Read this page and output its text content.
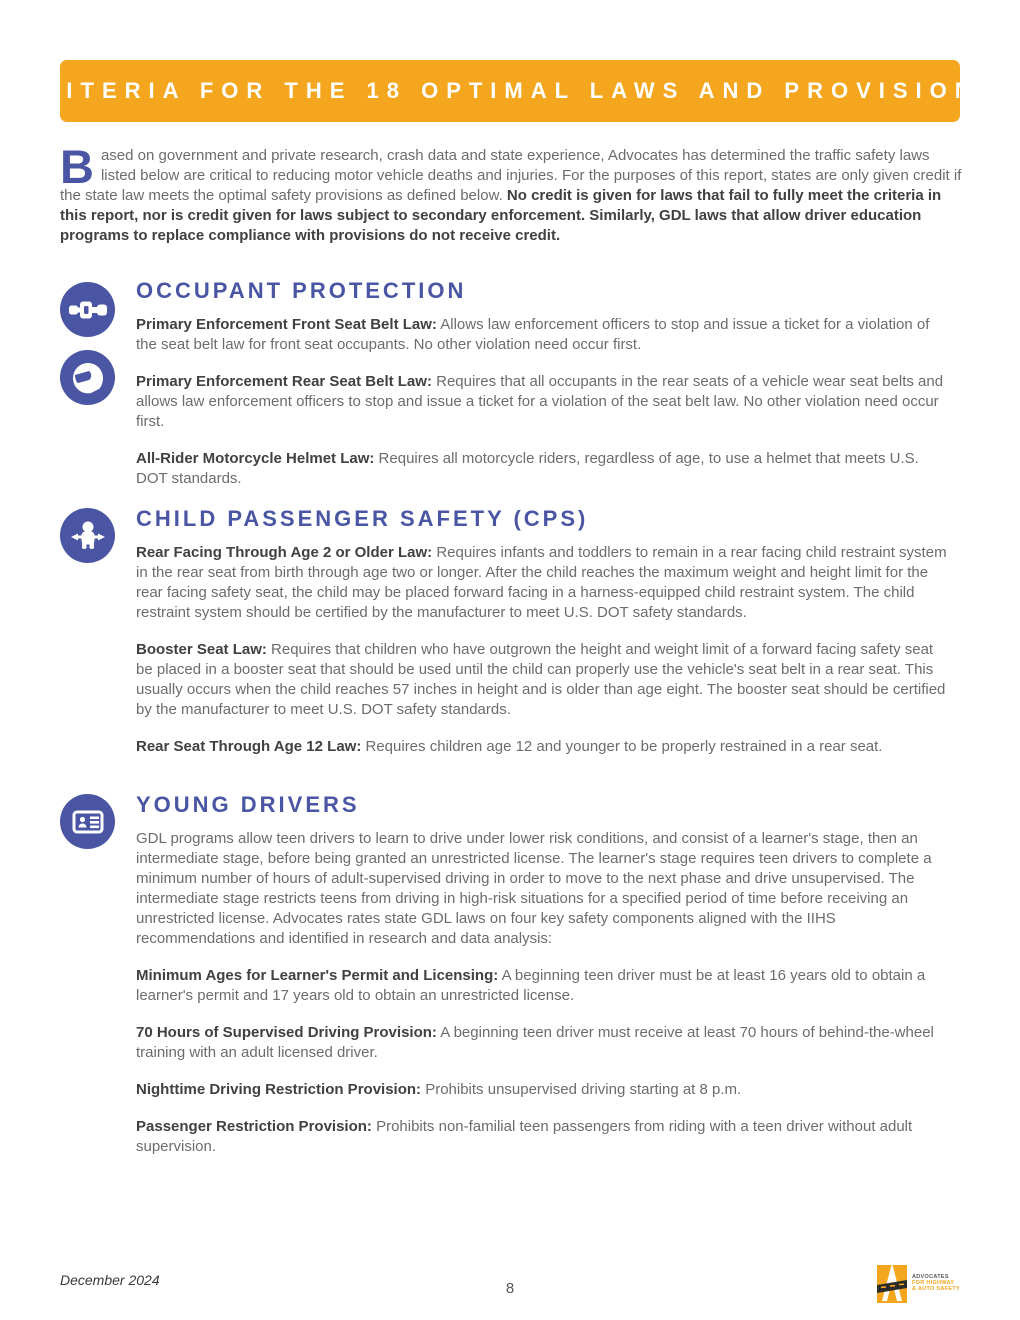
CRITERIA FOR THE 18 OPTIMAL LAWS AND PROVISIONS
Based on government and private research, crash data and state experience, Advocates has determined the traffic safety laws listed below are critical to reducing motor vehicle deaths and injuries. For the purposes of this report, states are only given credit if the state law meets the optimal safety provisions as defined below. No credit is given for laws that fail to fully meet the criteria in this report, nor is credit given for laws subject to secondary enforcement. Similarly, GDL laws that allow driver education programs to replace compliance with provisions do not receive credit.
OCCUPANT PROTECTION

Primary Enforcement Front Seat Belt Law: Allows law enforcement officers to stop and issue a ticket for a violation of the seat belt law for front seat occupants. No other violation need occur first.

Primary Enforcement Rear Seat Belt Law: Requires that all occupants in the rear seats of a vehicle wear seat belts and allows law enforcement officers to stop and issue a ticket for a violation of the seat belt law. No other violation need occur first.

All-Rider Motorcycle Helmet Law: Requires all motorcycle riders, regardless of age, to use a helmet that meets U.S. DOT standards.

CHILD PASSENGER SAFETY (CPS)

Rear Facing Through Age 2 or Older Law: Requires infants and toddlers to remain in a rear facing child restraint system in the rear seat from birth through age two or longer. After the child reaches the maximum weight and height limit for the rear facing safety seat, the child may be placed forward facing in a harness-equipped child restraint system. The child restraint system should be certified by the manufacturer to meet U.S. DOT safety standards.

Booster Seat Law: Requires that children who have outgrown the height and weight limit of a forward facing safety seat be placed in a booster seat that should be used until the child can properly use the vehicle's seat belt in a rear seat. This usually occurs when the child reaches 57 inches in height and is older than age eight. The booster seat should be certified by the manufacturer to meet U.S. DOT safety standards.

Rear Seat Through Age 12 Law: Requires children age 12 and younger to be properly restrained in a rear seat.

YOUNG DRIVERS

GDL programs allow teen drivers to learn to drive under lower risk conditions, and consist of a learner's stage, then an intermediate stage, before being granted an unrestricted license. The learner's stage requires teen drivers to complete a minimum number of hours of adult-supervised driving in order to move to the next phase and drive unsupervised. The intermediate stage restricts teens from driving in high-risk situations for a specified period of time before receiving an unrestricted license. Advocates rates state GDL laws on four key safety components aligned with the IIHS recommendations and identified in research and data analysis:

Minimum Ages for Learner's Permit and Licensing: A beginning teen driver must be at least 16 years old to obtain a learner's permit and 17 years old to obtain an unrestricted license.

70 Hours of Supervised Driving Provision: A beginning teen driver must receive at least 70 hours of behind-the-wheel training with an adult licensed driver.

Nighttime Driving Restriction Provision: Prohibits unsupervised driving starting at 8 p.m.

Passenger Restriction Provision: Prohibits non-familial teen passengers from riding with a teen driver without adult supervision.

December 2024	8
ADVOCATES
FOR HIGHWAY
& AUTO SAFETY
